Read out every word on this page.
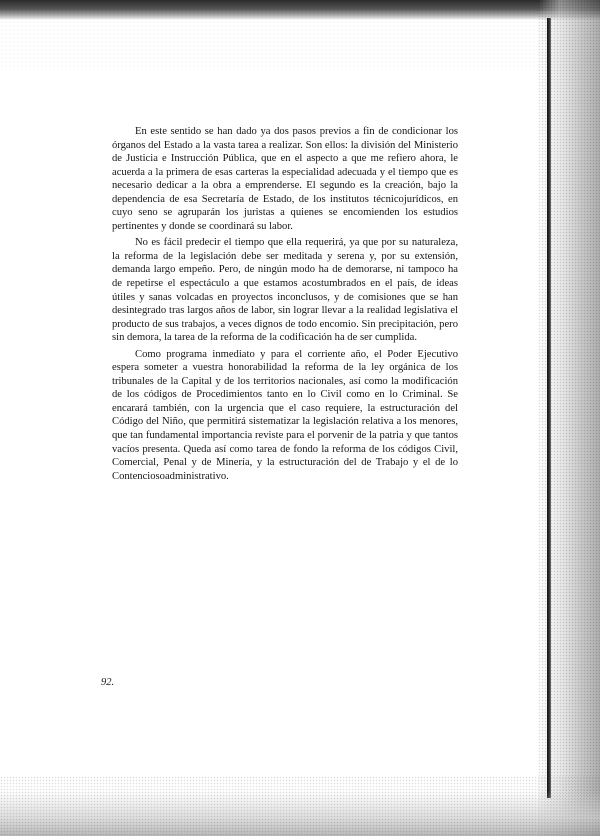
En este sentido se han dado ya dos pasos previos a fin de condicionar los órganos del Estado a la vasta tarea a realizar. Son ellos: la división del Ministerio de Justicia e Instrucción Pública, que en el aspecto a que me refiero ahora, le acuerda a la primera de esas carteras la especialidad adecuada y el tiempo que es necesario dedicar a la obra a emprenderse. El segundo es la creación, bajo la dependencia de esa Secretaría de Estado, de los institutos técnicojurídicos, en cuyo seno se agruparán los juristas a quienes se encomienden los estudios pertinentes y donde se coordinará su labor.

No es fácil predecir el tiempo que ella requerirá, ya que por su naturaleza, la reforma de la legislación debe ser meditada y serena y, por su extensión, demanda largo empeño. Pero, de ningún modo ha de demorarse, ni tampoco ha de repetirse el espectáculo a que estamos acostumbrados en el país, de ideas útiles y sanas volcadas en proyectos inconclusos, y de comisiones que se han desintegrado tras largos años de labor, sin lograr llevar a la realidad legislativa el producto de sus trabajos, a veces dignos de todo encomio. Sin precipitación, pero sin demora, la tarea de la reforma de la codificación ha de ser cumplida.

Como programa inmediato y para el corriente año, el Poder Ejecutivo espera someter a vuestra honorabilidad la reforma de la ley orgánica de los tribunales de la Capital y de los territorios nacionales, así como la modificación de los códigos de Procedimientos tanto en lo Civil como en lo Criminal. Se encarará también, con la urgencia que el caso requiere, la estructuración del Código del Niño, que permitirá sistematizar la legislación relativa a los menores, que tan fundamental importancia reviste para el porvenir de la patria y que tantos vacíos presenta. Queda así como tarea de fondo la reforma de los códigos Civil, Comercial, Penal y de Minería, y la estructuración del de Trabajo y el de lo Contenciosoadministrativo.

92.
